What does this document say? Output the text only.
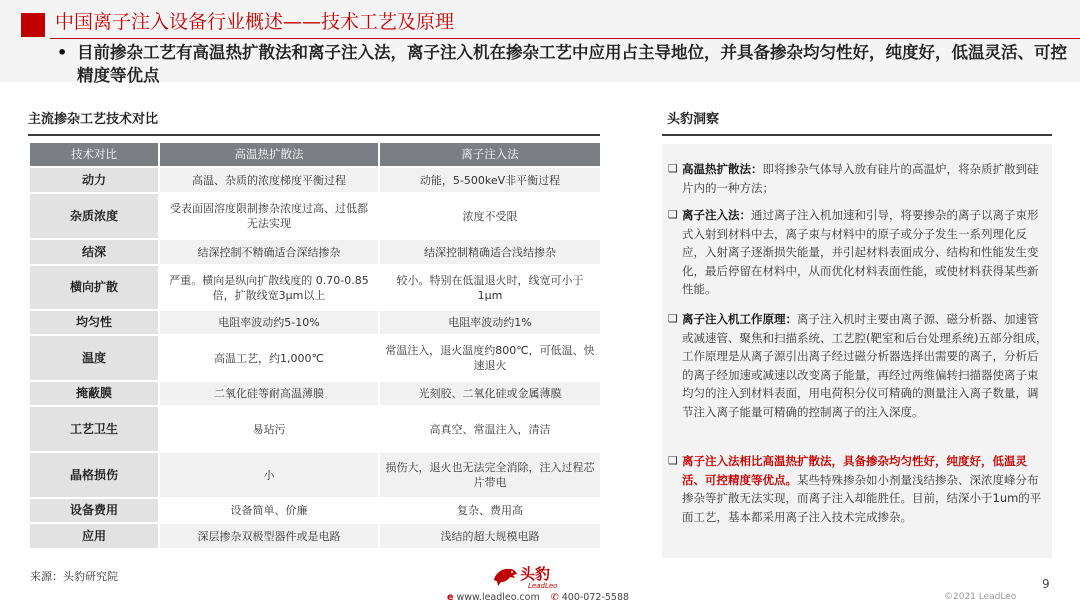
中国离子注入设备行业概述——技术工艺及原理
• 目前掺杂工艺有高温热扩散法和离子注入法，离子注入机在掺杂工艺中应用占主导地位，并具备掺杂均匀性好，纯度好，低温灵活、可控精度等优点
主流掺杂工艺技术对比
技术对比	高温热扩散法	离子注入法
动力	高温、杂质的浓度梯度平衡过程	动能，5-500keV非平衡过程
杂质浓度	受表面固溶度限制掺杂浓度过高、过低都无法实现	浓度不受限
结深	结深控制不精确适合深结掺杂	结深控制精确适合浅结掺杂
横向扩散	严重。横向是纵向扩散线度的 0.70-0.85倍，扩散线宽3μm以上	较小。特别在低温退火时，线宽可小于1μm
均匀性	电阻率波动约5-10%	电阻率波动约1%
温度	高温工艺，约1,000℃	常温注入，退火温度约800℃，可低温、快速退火
掩蔽膜	二氧化硅等耐高温薄膜	光刻胶、二氧化硅或金属薄膜
工艺卫生	易玷污	高真空、常温注入，清洁
晶格损伤	小	损伤大，退火也无法完全消除，注入过程芯片带电
设备费用	设备简单、价廉	复杂、费用高
应用	深层掺杂双极型器件或是电路	浅结的超大规模电路
头豹洞察
❑ 高温热扩散法：即将掺杂气体导入放有硅片的高温炉，将杂质扩散到硅片内的一种方法；
❑ 离子注入法：通过离子注入机加速和引导，将要掺杂的离子以离子束形式入射到材料中去，离子束与材料中的原子或分子发生一系列理化反应，入射离子逐渐损失能量，并引起材料表面成分、结构和性能发生变化，最后停留在材料中，从而优化材料表面性能，或使材料获得某些新性能。
❑ 离子注入机工作原理：离子注入机时主要由离子源、磁分析器、加速管或减速管、聚焦和扫描系统、工艺腔(靶室和后台处理系统)五部分组成，工作原理是从离子源引出离子经过磁分析器选择出需要的离子，分析后的离子经加速或减速以改变离子能量，再经过两维偏转扫描器使离子束均匀的注入到材料表面，用电荷积分仪可精确的测量注入离子数量，调节注入离子能量可精确的控制离子的注入深度。
❑ 离子注入法相比高温热扩散法，具备掺杂均匀性好，纯度好，低温灵活、可控精度等优点。某些特殊掺杂如小剂量浅结掺杂、深浓度峰分布掺杂等扩散无法实现，而离子注入却能胜任。目前，结深小于1um的平面工艺，基本都采用离子注入技术完成掺杂。
来源：头豹研究院	头豹
LeadLeo
e www.leadleo.com ✆ 400-072-5588
9
©2021 LeadLeo
